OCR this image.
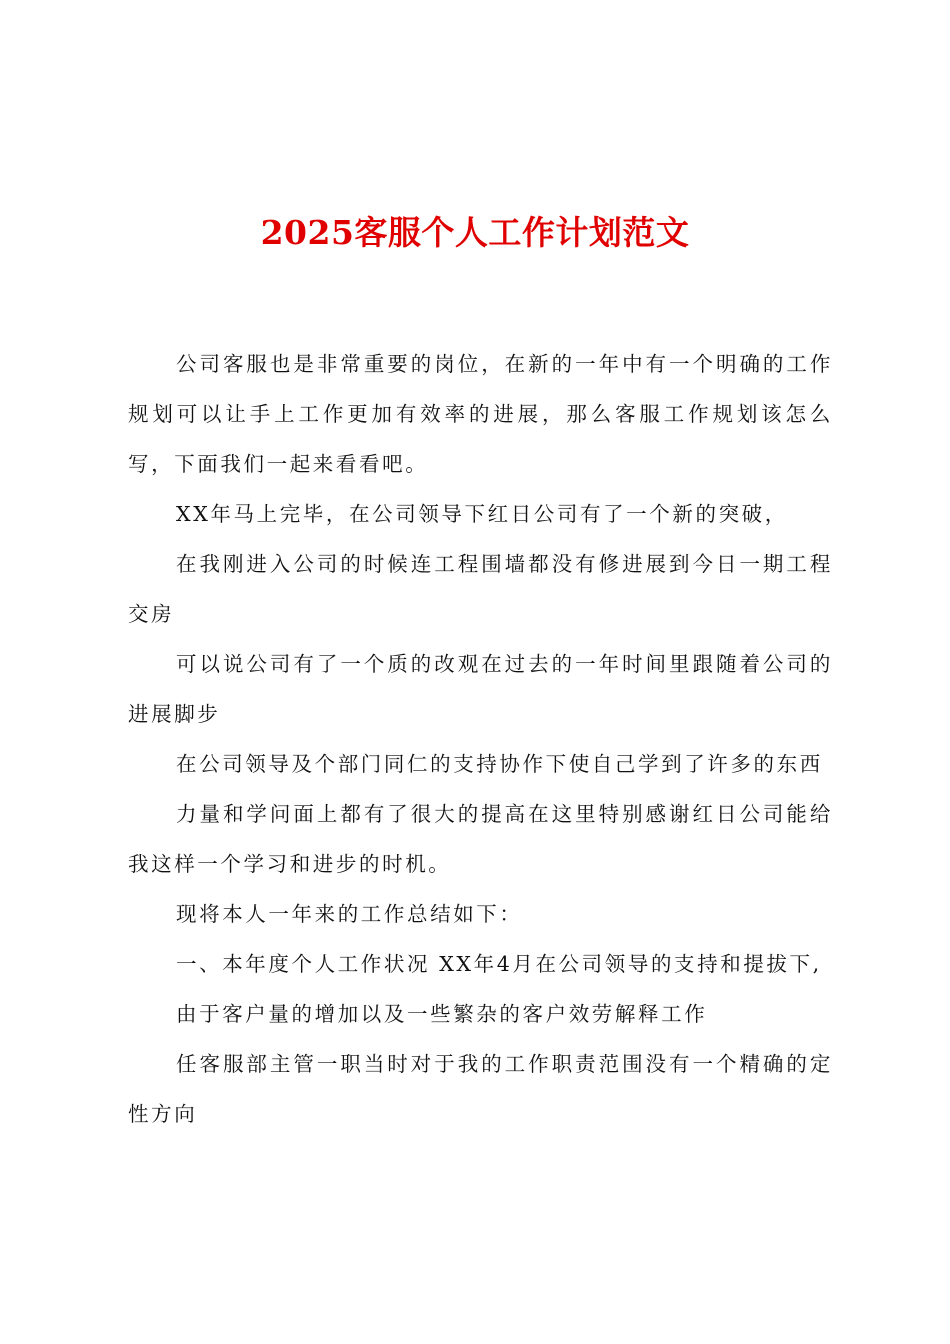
2025客服个人工作计划范文

公司客服也是非常重要的岗位，在新的一年中有一个明确的工作规划可以让手上工作更加有效率的进展，那么客服工作规划该怎么写，下面我们一起来看看吧。

XX年马上完毕，在公司领导下红日公司有了一个新的突破，

在我刚进入公司的时候连工程围墙都没有修进展到今日一期工程交房

可以说公司有了一个质的改观在过去的一年时间里跟随着公司的进展脚步

在公司领导及个部门同仁的支持协作下使自己学到了许多的东西

力量和学问面上都有了很大的提高在这里特别感谢红日公司能给我这样一个学习和进步的时机。

现将本人一年来的工作总结如下：

一、本年度个人工作状况 XX年4月在公司领导的支持和提拔下,

由于客户量的增加以及一些繁杂的客户效劳解释工作

任客服部主管一职当时对于我的工作职责范围没有一个精确的定性方向
